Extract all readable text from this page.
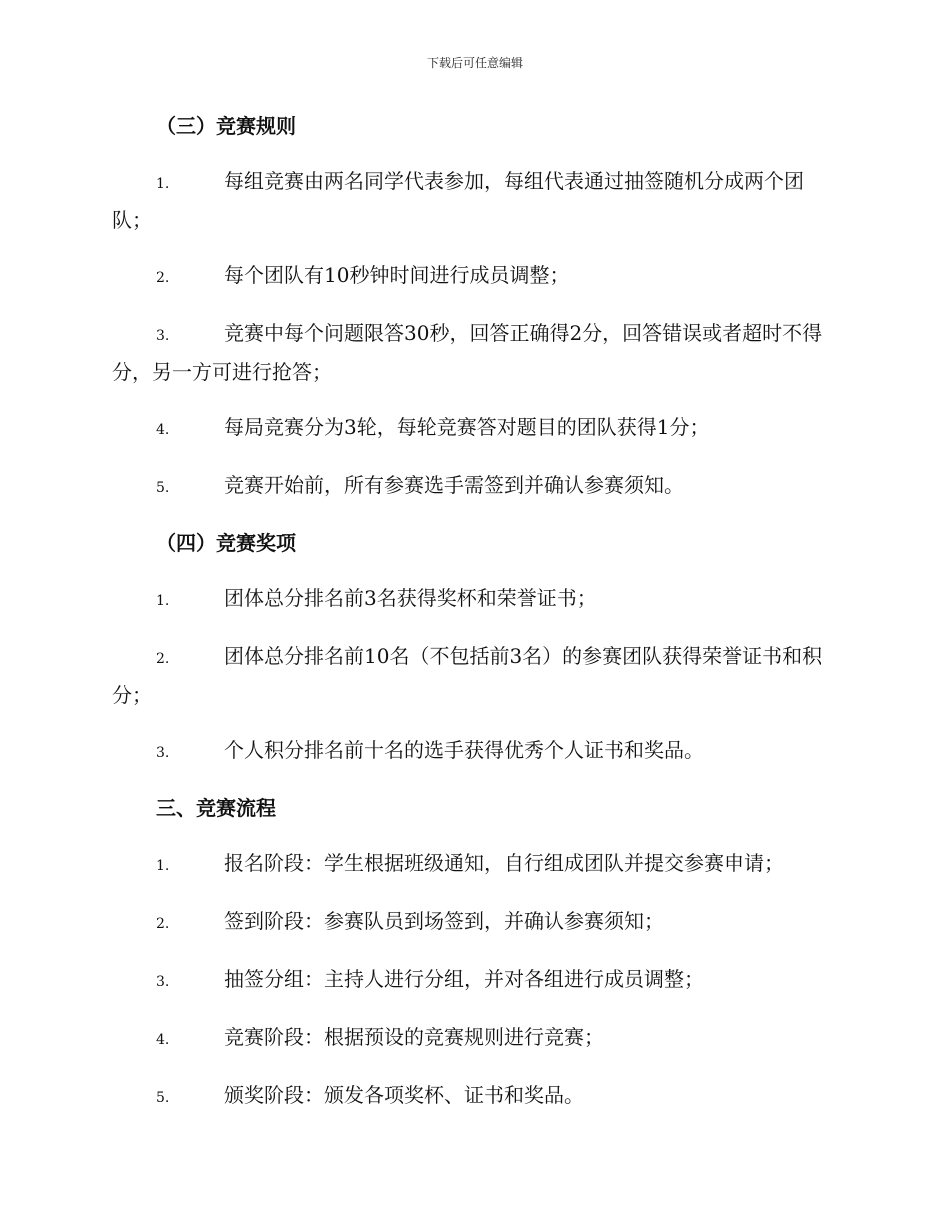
下载后可任意编辑
（三）竞赛规则
1.	每组竞赛由两名同学代表参加，每组代表通过抽签随机分成两个团队；
2.	每个团队有10秒钟时间进行成员调整；
3.	竞赛中每个问题限答30秒，回答正确得2分，回答错误或者超时不得分，另一方可进行抢答；
4.	每局竞赛分为3轮，每轮竞赛答对题目的团队获得1分；
5.	竞赛开始前，所有参赛选手需签到并确认参赛须知。
（四）竞赛奖项
1.	团体总分排名前3名获得奖杯和荣誉证书；
2.	团体总分排名前10名（不包括前3名）的参赛团队获得荣誉证书和积分；
3.	个人积分排名前十名的选手获得优秀个人证书和奖品。
三、竞赛流程
1.	报名阶段：学生根据班级通知，自行组成团队并提交参赛申请；
2.	签到阶段：参赛队员到场签到，并确认参赛须知；
3.	抽签分组：主持人进行分组，并对各组进行成员调整；
4.	竞赛阶段：根据预设的竞赛规则进行竞赛；
5.	颁奖阶段：颁发各项奖杯、证书和奖品。
